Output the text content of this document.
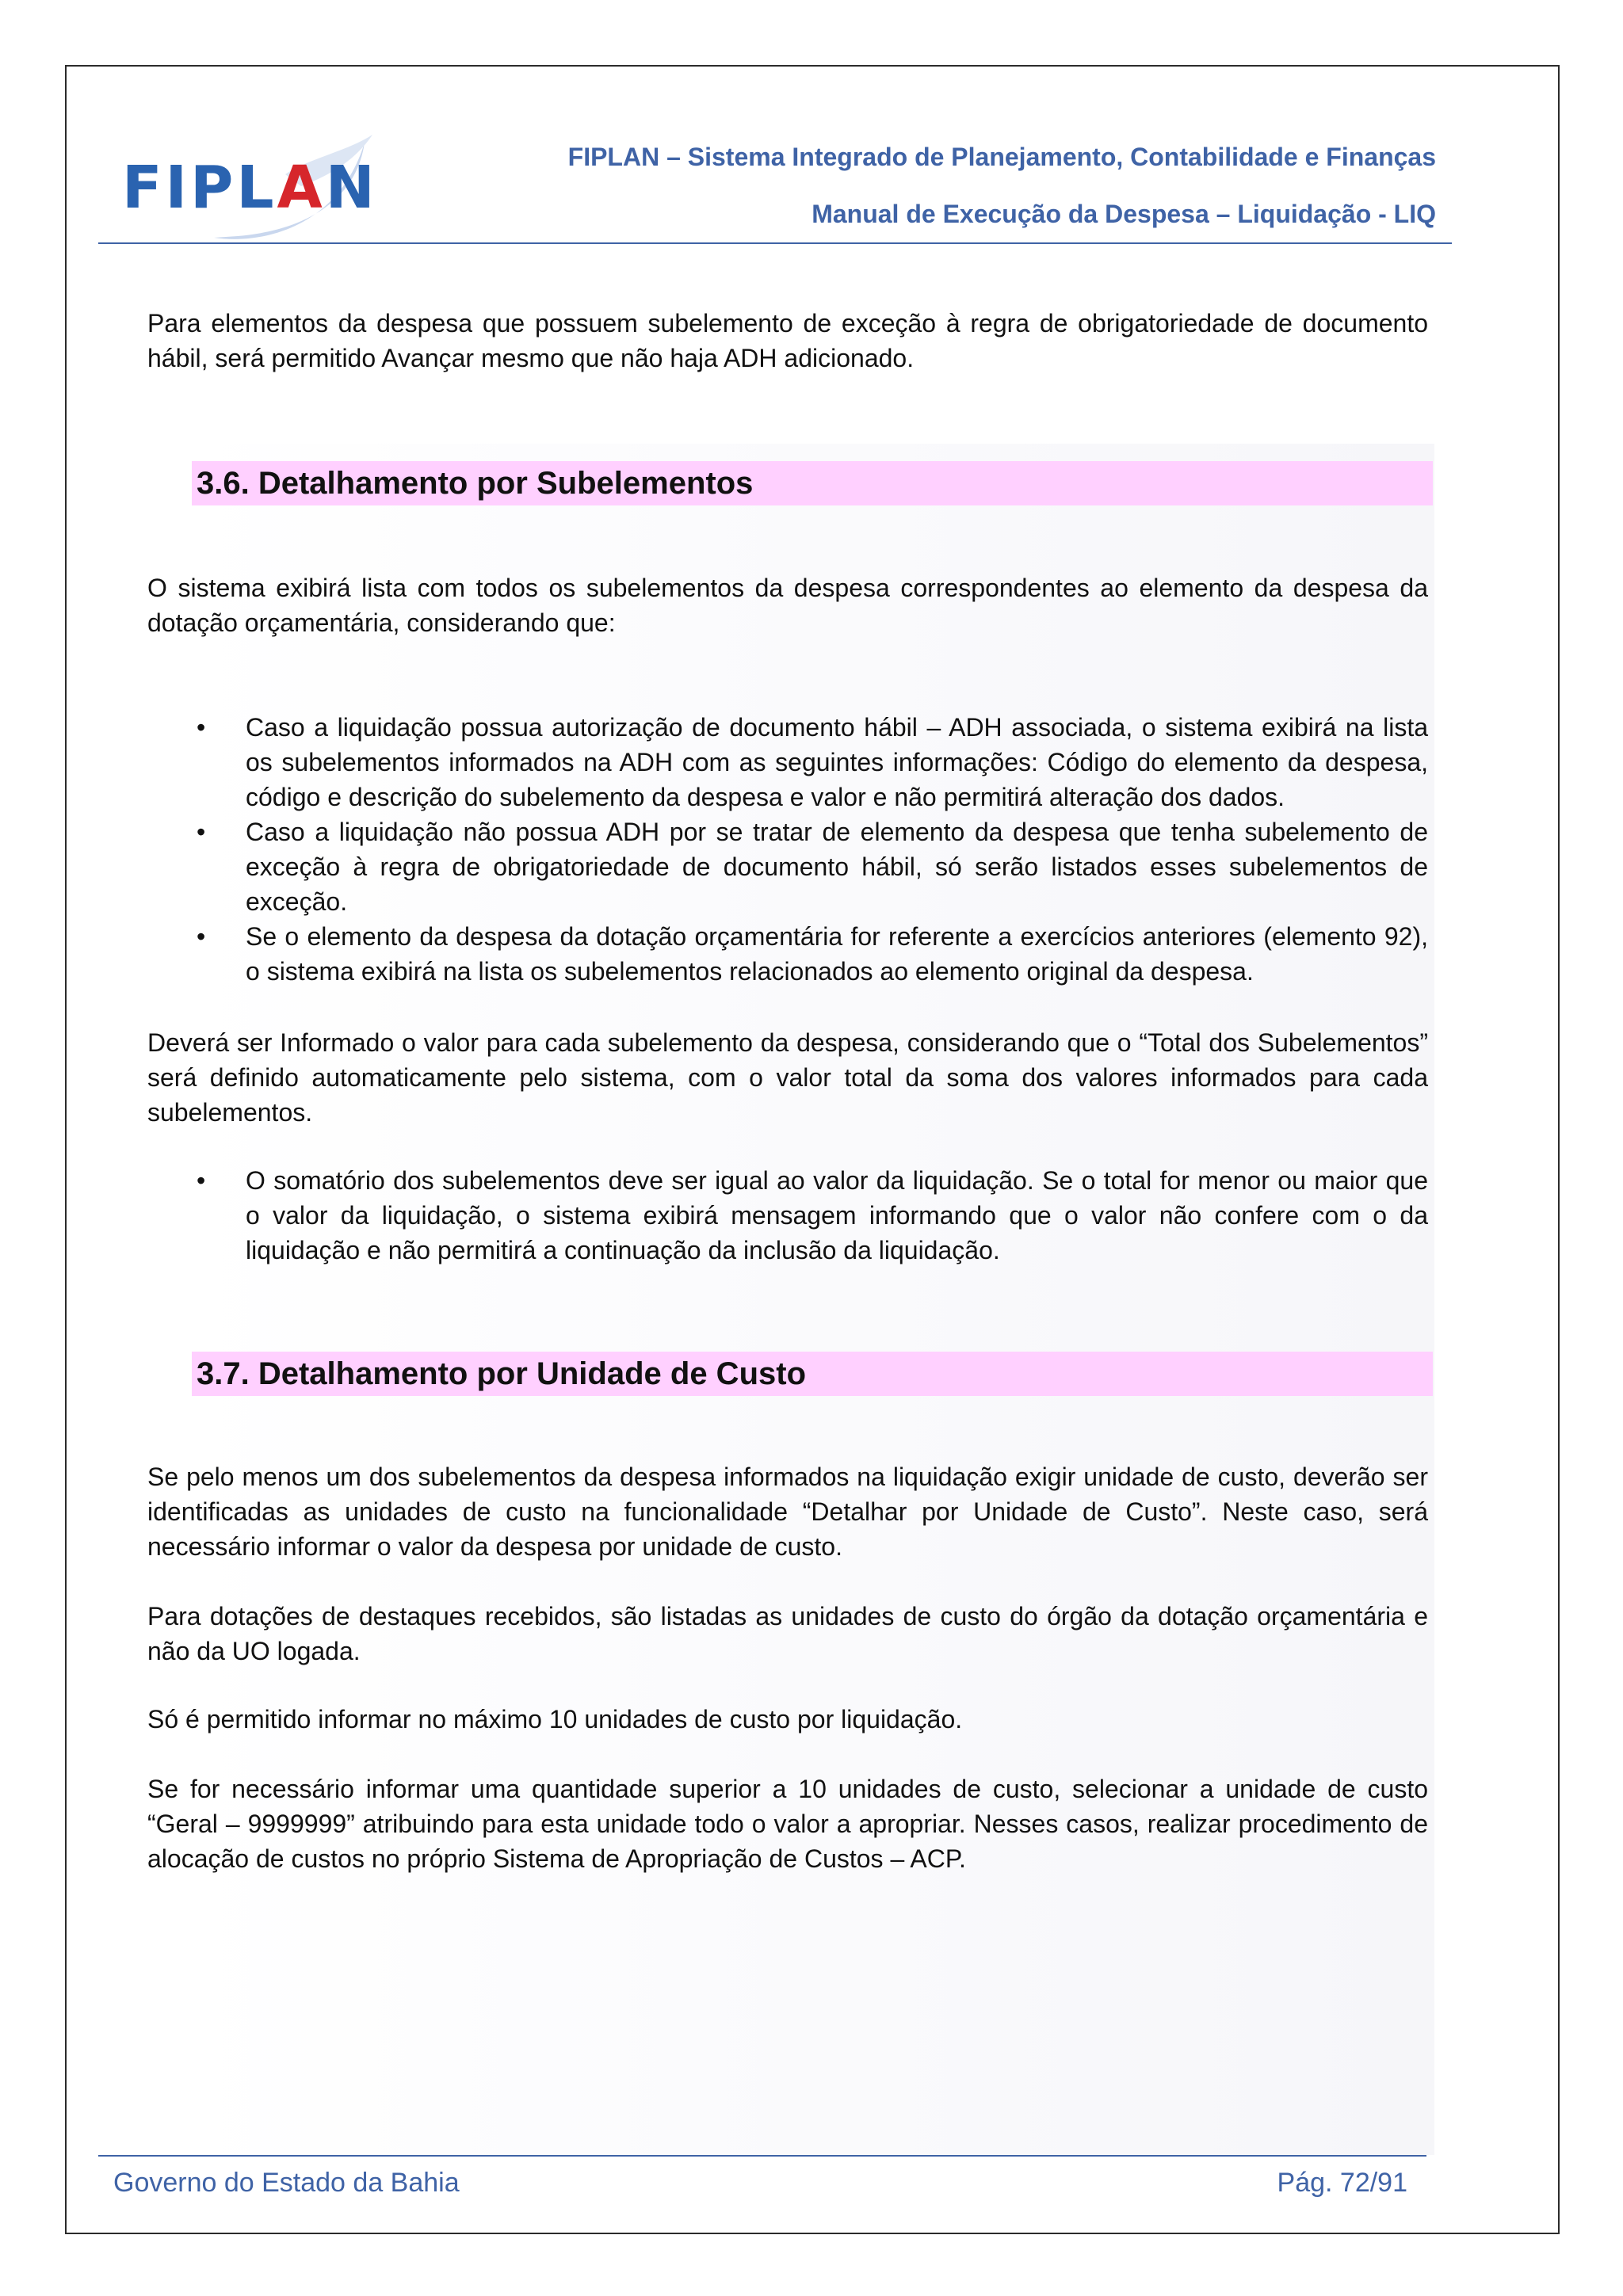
FIPLAN	FIPLAN – Sistema Integrado de Planejamento, Contabilidade e Finanças
Manual de Execução da Despesa – Liquidação - LIQ
Para elementos da despesa que possuem subelemento de exceção à regra de obrigatoriedade de documento hábil, será permitido Avançar mesmo que não haja ADH adicionado.
3.6. Detalhamento por Subelementos
O sistema exibirá lista com todos os subelementos da despesa correspondentes ao elemento da despesa da dotação orçamentária, considerando que:
• Caso a liquidação possua autorização de documento hábil – ADH associada, o sistema exibirá na lista os subelementos informados na ADH com as seguintes informações: Código do elemento da despesa, código e descrição do subelemento da despesa e valor e não permitirá alteração dos dados.
• Caso a liquidação não possua ADH por se tratar de elemento da despesa que tenha subelemento de exceção à regra de obrigatoriedade de documento hábil, só serão listados esses subelementos de exceção.
• Se o elemento da despesa da dotação orçamentária for referente a exercícios anteriores (elemento 92), o sistema exibirá na lista os subelementos relacionados ao elemento original da despesa.
Deverá ser Informado o valor para cada subelemento da despesa, considerando que o “Total dos Subelementos” será definido automaticamente pelo sistema, com o valor total da soma dos valores informados para cada subelementos.
• O somatório dos subelementos deve ser igual ao valor da liquidação. Se o total for menor ou maior que o valor da liquidação, o sistema exibirá mensagem informando que o valor não confere com o da liquidação e não permitirá a continuação da inclusão da liquidação.
3.7. Detalhamento por Unidade de Custo
Se pelo menos um dos subelementos da despesa informados na liquidação exigir unidade de custo, deverão ser identificadas as unidades de custo na funcionalidade “Detalhar por Unidade de Custo”. Neste caso, será necessário informar o valor da despesa por unidade de custo.
Para dotações de destaques recebidos, são listadas as unidades de custo do órgão da dotação orçamentária e não da UO logada.
Só é permitido informar no máximo 10 unidades de custo por liquidação.
Se for necessário informar uma quantidade superior a 10 unidades de custo, selecionar a unidade de custo “Geral – 9999999” atribuindo para esta unidade todo o valor a apropriar. Nesses casos, realizar procedimento de alocação de custos no próprio Sistema de Apropriação de Custos – ACP.
Governo do Estado da Bahia	Pág. 72/91
